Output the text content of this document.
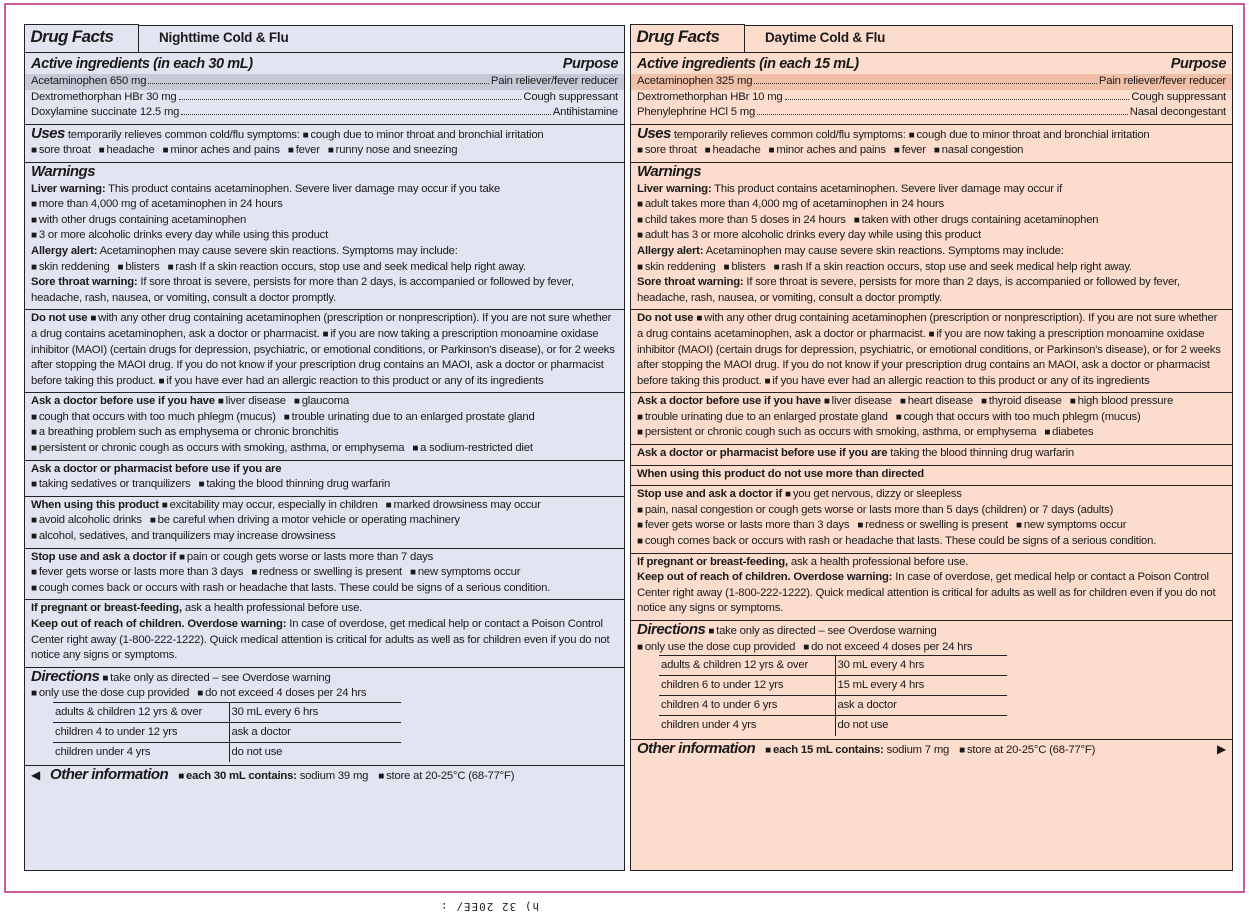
Drug Facts	Nighttime Cold & Flu
Active ingredients (in each 30 mL)	Purpose
Acetaminophen 650 mg	Pain reliever/fever reducer
Dextromethorphan HBr 30 mg	Cough suppressant
Doxylamine succinate 12.5 mg	Antihistamine

Uses temporarily relieves common cold/flu symptoms: ■ cough due to minor throat and bronchial irritation

■ sore throat ■ headache ■ minor aches and pains ■ fever ■ runny nose and sneezing

Warnings

Liver warning: This product contains acetaminophen. Severe liver damage may occur if you take

■ more than 4,000 mg of acetaminophen in 24 hours

■ with other drugs containing acetaminophen

■ 3 or more alcoholic drinks every day while using this product

Allergy alert: Acetaminophen may cause severe skin reactions. Symptoms may include:

■ skin reddening ■ blisters ■ rash If a skin reaction occurs, stop use and seek medical help right away.

Sore throat warning: If sore throat is severe, persists for more than 2 days, is accompanied or followed by fever, headache, rash, nausea, or vomiting, consult a doctor promptly.

Do not use ■ with any other drug containing acetaminophen (prescription or nonprescription). If you are not sure whether a drug contains acetaminophen, ask a doctor or pharmacist. ■ if you are now taking a prescription monoamine oxidase inhibitor (MAOI) (certain drugs for depression, psychiatric, or emotional conditions, or Parkinson's disease), or for 2 weeks after stopping the MAOI drug. If you do not know if your prescription drug contains an MAOI, ask a doctor or pharmacist before taking this product. ■ if you have ever had an allergic reaction to this product or any of its ingredients

Ask a doctor before use if you have ■ liver disease ■ glaucoma

■ cough that occurs with too much phlegm (mucus) ■ trouble urinating due to an enlarged prostate gland

■ a breathing problem such as emphysema or chronic bronchitis

■ persistent or chronic cough as occurs with smoking, asthma, or emphysema ■ a sodium-restricted diet

Ask a doctor or pharmacist before use if you are

■ taking sedatives or tranquilizers ■ taking the blood thinning drug warfarin

When using this product ■ excitability may occur, especially in children ■ marked drowsiness may occur

■ avoid alcoholic drinks ■ be careful when driving a motor vehicle or operating machinery

■ alcohol, sedatives, and tranquilizers may increase drowsiness

Stop use and ask a doctor if ■ pain or cough gets worse or lasts more than 7 days

■ fever gets worse or lasts more than 3 days ■ redness or swelling is present ■ new symptoms occur

■ cough comes back or occurs with rash or headache that lasts. These could be signs of a serious condition.

If pregnant or breast-feeding, ask a health professional before use.

Keep out of reach of children. Overdose warning: In case of overdose, get medical help or contact a Poison Control Center right away (1-800-222-1222). Quick medical attention is critical for adults as well as for children even if you do not notice any signs or symptoms.

Directions ■ take only as directed – see Overdose warning

■ only use the dose cup provided ■ do not exceed 4 doses per 24 hrs

adults & children 12 yrs & over	30 mL every 6 hrs
children 4 to under 12 yrs	ask a doctor
children under 4 yrs	do not use
◀ Other information	■ each 30 mL contains: sodium 39 mg	■ store at 20-25°C (68-77°F)
Drug Facts	Daytime Cold & Flu
Active ingredients (in each 15 mL)	Purpose
Acetaminophen 325 mg	Pain reliever/fever reducer
Dextromethorphan HBr 10 mg	Cough suppressant
Phenylephrine HCl 5 mg	Nasal decongestant

Uses temporarily relieves common cold/flu symptoms: ■ cough due to minor throat and bronchial irritation

■ sore throat ■ headache ■ minor aches and pains ■ fever ■ nasal congestion

Warnings

Liver warning: This product contains acetaminophen. Severe liver damage may occur if

■ adult takes more than 4,000 mg of acetaminophen in 24 hours

■ child takes more than 5 doses in 24 hours ■ taken with other drugs containing acetaminophen

■ adult has 3 or more alcoholic drinks every day while using this product

Allergy alert: Acetaminophen may cause severe skin reactions. Symptoms may include:

■ skin reddening ■ blisters ■ rash If a skin reaction occurs, stop use and seek medical help right away.

Sore throat warning: If sore throat is severe, persists for more than 2 days, is accompanied or followed by fever, headache, rash, nausea, or vomiting, consult a doctor promptly.

Do not use ■ with any other drug containing acetaminophen (prescription or nonprescription). If you are not sure whether a drug contains acetaminophen, ask a doctor or pharmacist. ■ if you are now taking a prescription monoamine oxidase inhibitor (MAOI) (certain drugs for depression, psychiatric, or emotional conditions, or Parkinson's disease), or for 2 weeks after stopping the MAOI drug. If you do not know if your prescription drug contains an MAOI, ask a doctor or pharmacist before taking this product. ■ if you have ever had an allergic reaction to this product or any of its ingredients

Ask a doctor before use if you have ■ liver disease ■ heart disease ■ thyroid disease ■ high blood pressure

■ trouble urinating due to an enlarged prostate gland ■ cough that occurs with too much phlegm (mucus)

■ persistent or chronic cough such as occurs with smoking, asthma, or emphysema ■ diabetes

Ask a doctor or pharmacist before use if you are taking the blood thinning drug warfarin

When using this product do not use more than directed

Stop use and ask a doctor if ■ you get nervous, dizzy or sleepless

■ pain, nasal congestion or cough gets worse or lasts more than 5 days (children) or 7 days (adults)

■ fever gets worse or lasts more than 3 days ■ redness or swelling is present ■ new symptoms occur

■ cough comes back or occurs with rash or headache that lasts. These could be signs of a serious condition.

If pregnant or breast-feeding, ask a health professional before use.

Keep out of reach of children. Overdose warning: In case of overdose, get medical help or contact a Poison Control Center right away (1-800-222-1222). Quick medical attention is critical for adults as well as for children even if you do not notice any signs or symptoms.

Directions ■ take only as directed – see Overdose warning

■ only use the dose cup provided ■ do not exceed 4 doses per 24 hrs

adults & children 12 yrs & over	30 mL every 4 hrs
children 6 to under 12 yrs	15 mL every 4 hrs
children 4 to under 6 yrs	ask a doctor
children under 4 yrs	do not use
Other information	■ each 15 mL contains: sodium 7 mg	■ store at 20-25°C (68-77°F)	▶
h) 32 20EE/ :
